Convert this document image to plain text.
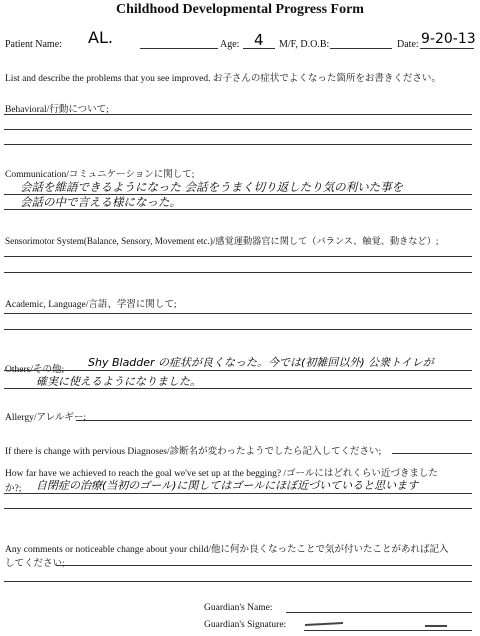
Childhood Developmental Progress Form
Patient Name: AL.	Age: 4 M/F, D.O.B:	Date: 9-20-13
List and describe the problems that you see improved. お子さんの症状でよくなった箇所をお書きください。
Behavioral/行動について;
Communication/コミュニケーションに関して;
会話を維語できるようになった 会話をうまく切り返したり気の利いた事を
会話の中で言える様になった。
Sensorimotor System(Balance, Sensory, Movement etc.)/感覚運動器官に関して（バランス、触覚、動きなど）;
Academic, Language/言語、学習に関して;
Others/その他;
Shy Bladder の症状が良くなった。今では(初雑回以外) 公衆トイレが
確実に使えるようになりました。
Allergy/アレルギー;
If there is change with pervious Diagnoses/診断名が変わったようでしたら記入してください;
How far have we achieved to reach the goal we've set up at the begging? /ゴールにはどれくらい近づきました
か?; 自閉症の治療(当初のゴール)に関してはゴールにほぼ近づいていると思います
Any comments or noticeable change about your child/他に何か良くなったことで気が付いたことがあれば記入
してください;
Guardian's Name:
Guardian's Signature:
